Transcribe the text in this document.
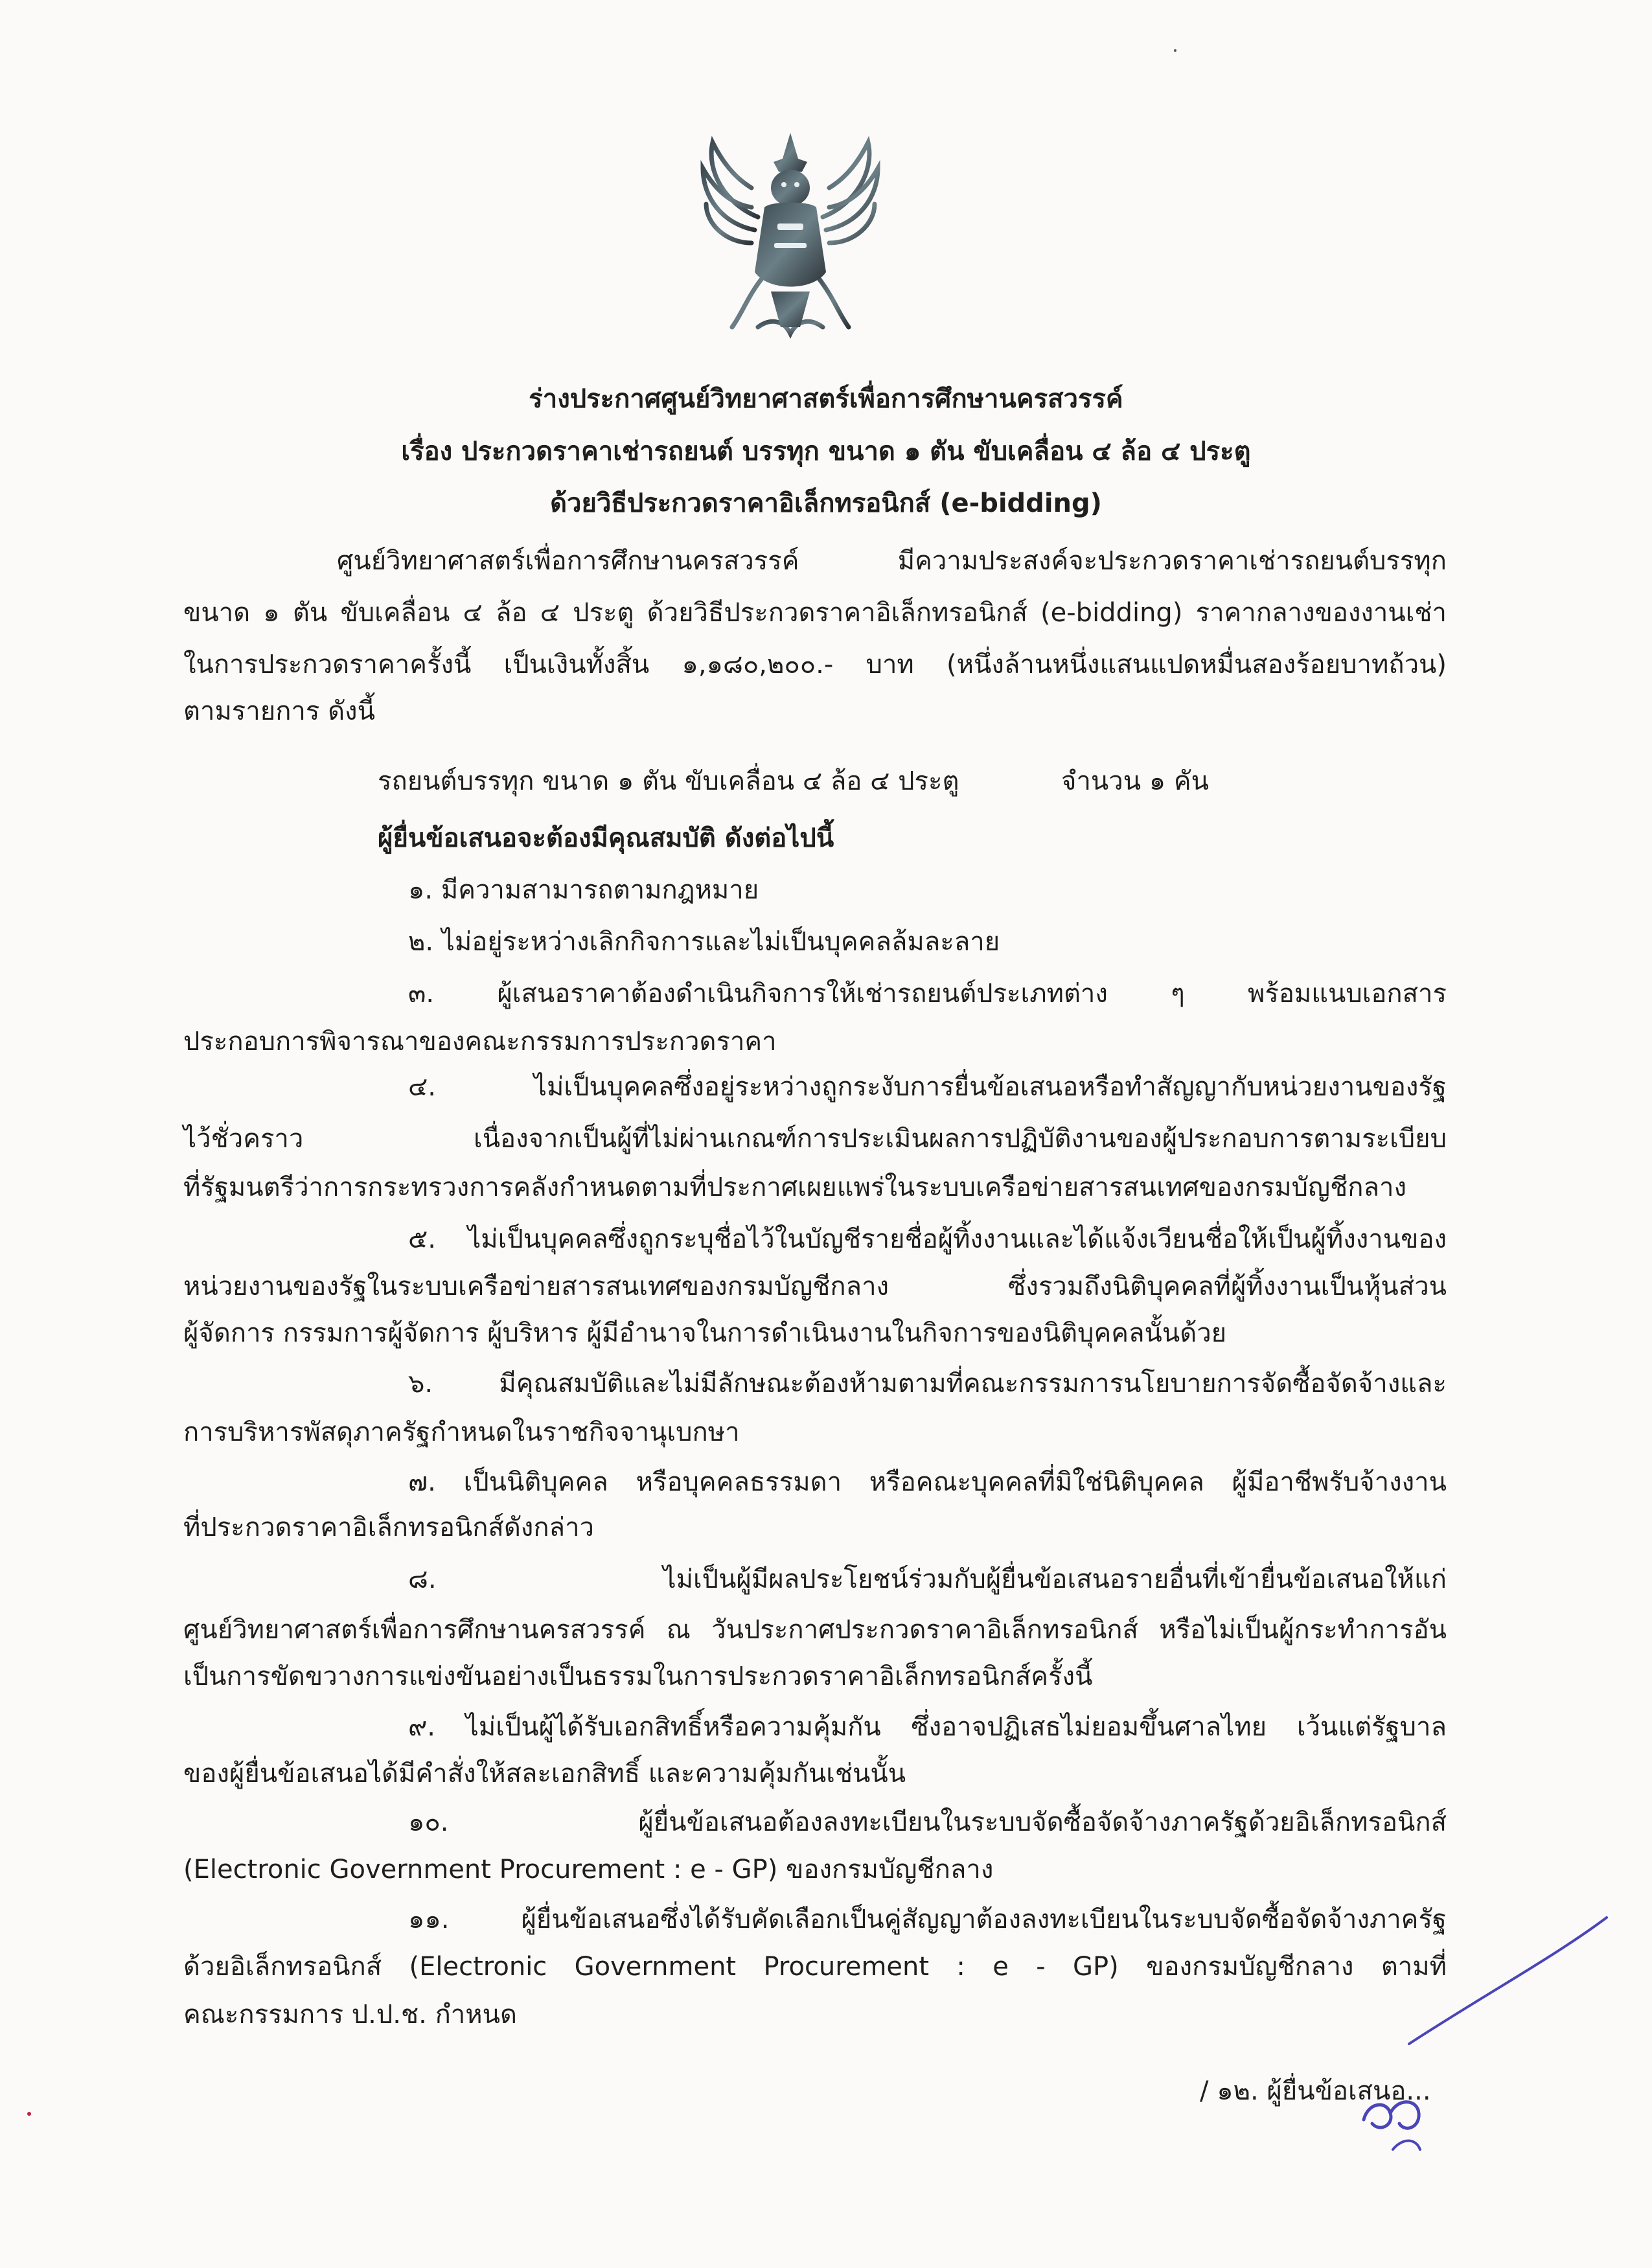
ร่างประกาศศูนย์วิทยาศาสตร์เพื่อการศึกษานครสวรรค์
เรื่อง ประกวดราคาเช่ารถยนต์ บรรทุก ขนาด ๑ ตัน ขับเคลื่อน ๔ ล้อ ๔ ประตู
ด้วยวิธีประกวดราคาอิเล็กทรอนิกส์ (e-bidding)
ศูนย์วิทยาศาสตร์เพื่อการศึกษานครสวรรค์ มีความประสงค์จะประกวดราคาเช่ารถยนต์บรรทุก
ขนาด ๑ ตัน ขับเคลื่อน ๔ ล้อ ๔ ประตู ด้วยวิธีประกวดราคาอิเล็กทรอนิกส์ (e-bidding) ราคากลางของงานเช่า
ในการประกวดราคาครั้งนี้ เป็นเงินทั้งสิ้น ๑,๑๘๐,๒๐๐.- บาท (หนึ่งล้านหนึ่งแสนแปดหมื่นสองร้อยบาทถ้วน)
ตามรายการ ดังนี้
รถยนต์บรรทุก ขนาด ๑ ตัน ขับเคลื่อน ๔ ล้อ ๔ ประตู	จำนวน ๑ คัน
ผู้ยื่นข้อเสนอจะต้องมีคุณสมบัติ ดังต่อไปนี้
๑. มีความสามารถตามกฎหมาย
๒. ไม่อยู่ระหว่างเลิกกิจการและไม่เป็นบุคคลล้มละลาย
๓. ผู้เสนอราคาต้องดำเนินกิจการให้เช่ารถยนต์ประเภทต่าง ๆ พร้อมแนบเอกสาร
ประกอบการพิจารณาของคณะกรรมการประกวดราคา
๔. ไม่เป็นบุคคลซึ่งอยู่ระหว่างถูกระงับการยื่นข้อเสนอหรือทำสัญญากับหน่วยงานของรัฐ
ไว้ชั่วคราว เนื่องจากเป็นผู้ที่ไม่ผ่านเกณฑ์การประเมินผลการปฏิบัติงานของผู้ประกอบการตามระเบียบ
ที่รัฐมนตรีว่าการกระทรวงการคลังกำหนดตามที่ประกาศเผยแพร่ในระบบเครือข่ายสารสนเทศของกรมบัญชีกลาง
๕. ไม่เป็นบุคคลซึ่งถูกระบุชื่อไว้ในบัญชีรายชื่อผู้ทิ้งงานและได้แจ้งเวียนชื่อให้เป็นผู้ทิ้งงานของ
หน่วยงานของรัฐในระบบเครือข่ายสารสนเทศของกรมบัญชีกลาง ซึ่งรวมถึงนิติบุคคลที่ผู้ทิ้งงานเป็นหุ้นส่วน
ผู้จัดการ กรรมการผู้จัดการ ผู้บริหาร ผู้มีอำนาจในการดำเนินงานในกิจการของนิติบุคคลนั้นด้วย
๖. มีคุณสมบัติและไม่มีลักษณะต้องห้ามตามที่คณะกรรมการนโยบายการจัดซื้อจัดจ้างและ
การบริหารพัสดุภาครัฐกำหนดในราชกิจจานุเบกษา
๗. เป็นนิติบุคคล หรือบุคคลธรรมดา หรือคณะบุคคลที่มิใช่นิติบุคคล ผู้มีอาชีพรับจ้างงาน
ที่ประกวดราคาอิเล็กทรอนิกส์ดังกล่าว
๘. ไม่เป็นผู้มีผลประโยชน์ร่วมกับผู้ยื่นข้อเสนอรายอื่นที่เข้ายื่นข้อเสนอให้แก่
ศูนย์วิทยาศาสตร์เพื่อการศึกษานครสวรรค์ ณ วันประกาศประกวดราคาอิเล็กทรอนิกส์ หรือไม่เป็นผู้กระทำการอัน
เป็นการขัดขวางการแข่งขันอย่างเป็นธรรมในการประกวดราคาอิเล็กทรอนิกส์ครั้งนี้
๙. ไม่เป็นผู้ได้รับเอกสิทธิ์หรือความคุ้มกัน ซึ่งอาจปฏิเสธไม่ยอมขึ้นศาลไทย เว้นแต่รัฐบาล
ของผู้ยื่นข้อเสนอได้มีคำสั่งให้สละเอกสิทธิ์ และความคุ้มกันเช่นนั้น
๑๐. ผู้ยื่นข้อเสนอต้องลงทะเบียนในระบบจัดซื้อจัดจ้างภาครัฐด้วยอิเล็กทรอนิกส์
(Electronic Government Procurement : e - GP) ของกรมบัญชีกลาง
๑๑. ผู้ยื่นข้อเสนอซึ่งได้รับคัดเลือกเป็นคู่สัญญาต้องลงทะเบียนในระบบจัดซื้อจัดจ้างภาครัฐ
ด้วยอิเล็กทรอนิกส์ (Electronic Government Procurement : e - GP) ของกรมบัญชีกลาง ตามที่
คณะกรรมการ ป.ป.ช. กำหนด
/ ๑๒. ผู้ยื่นข้อเสนอ...
